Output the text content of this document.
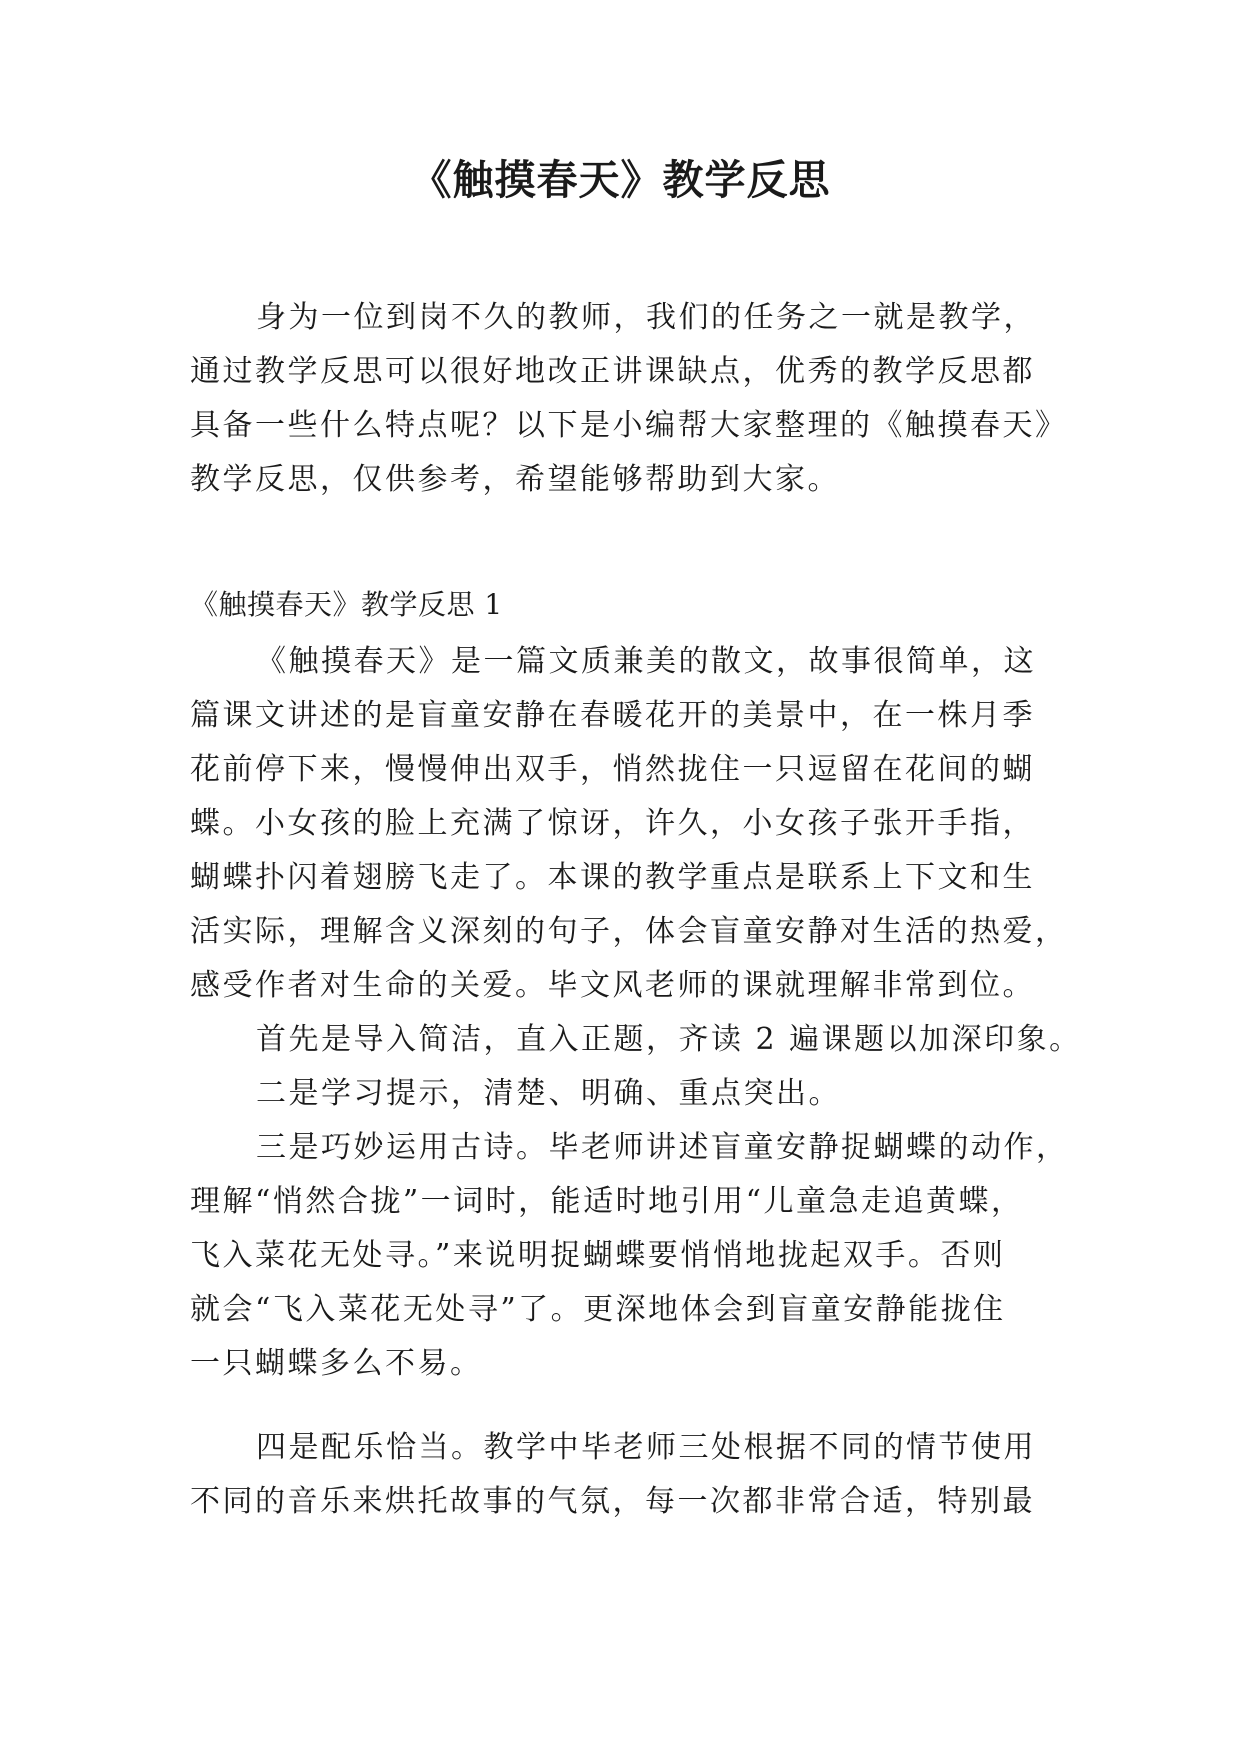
《触摸春天》教学反思
身为一位到岗不久的教师，我们的任务之一就是教学，
通过教学反思可以很好地改正讲课缺点，优秀的教学反思都
具备一些什么特点呢？以下是小编帮大家整理的《触摸春天》
教学反思，仅供参考，希望能够帮助到大家。
《触摸春天》教学反思 1
《触摸春天》是一篇文质兼美的散文，故事很简单，这
篇课文讲述的是盲童安静在春暖花开的美景中，在一株月季
花前停下来，慢慢伸出双手，悄然拢住一只逗留在花间的蝴
蝶。小女孩的脸上充满了惊讶，许久，小女孩子张开手指，
蝴蝶扑闪着翅膀飞走了。本课的教学重点是联系上下文和生
活实际，理解含义深刻的句子，体会盲童安静对生活的热爱，
感受作者对生命的关爱。毕文风老师的课就理解非常到位。
首先是导入简洁，直入正题，齐读 2 遍课题以加深印象。
二是学习提示，清楚、明确、重点突出。
三是巧妙运用古诗。毕老师讲述盲童安静捉蝴蝶的动作，
理解“悄然合拢”一词时，能适时地引用“儿童急走追黄蝶，
飞入菜花无处寻。”来说明捉蝴蝶要悄悄地拢起双手。否则
就会“飞入菜花无处寻”了。更深地体会到盲童安静能拢住
一只蝴蝶多么不易。
四是配乐恰当。教学中毕老师三处根据不同的情节使用
不同的音乐来烘托故事的气氛，每一次都非常合适，特别最
